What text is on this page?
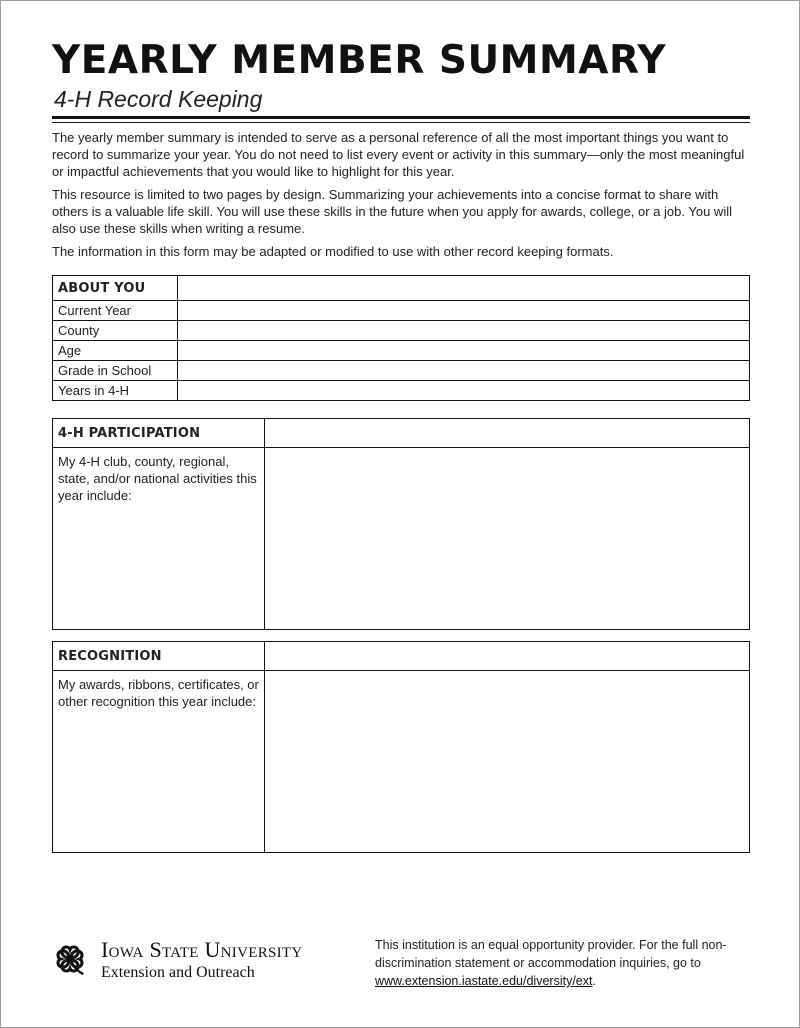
YEARLY MEMBER SUMMARY
4-H Record Keeping

The yearly member summary is intended to serve as a personal reference of all the most important things you want to record to summarize your year. You do not need to list every event or activity in this summary—only the most meaningful or impactful achievements that you would like to highlight for this year.

This resource is limited to two pages by design. Summarizing your achievements into a concise format to share with others is a valuable life skill. You will use these skills in the future when you apply for awards, college, or a job. You will also use these skills when writing a resume.

The information in this form may be adapted or modified to use with other record keeping formats.

ABOUT YOU	
Current Year	
County	
Age	
Grade in School	
Years in 4-H	
4-H PARTICIPATION	
My 4-H club, county, regional, state, and/or national activities this year include:	
RECOGNITION	
My awards, ribbons, certificates, or other recognition this year include:	
Iowa State University
Extension and Outreach
This institution is an equal opportunity provider. For the full non-discrimination statement or accommodation inquiries, go to www.extension.iastate.edu/diversity/ext.
